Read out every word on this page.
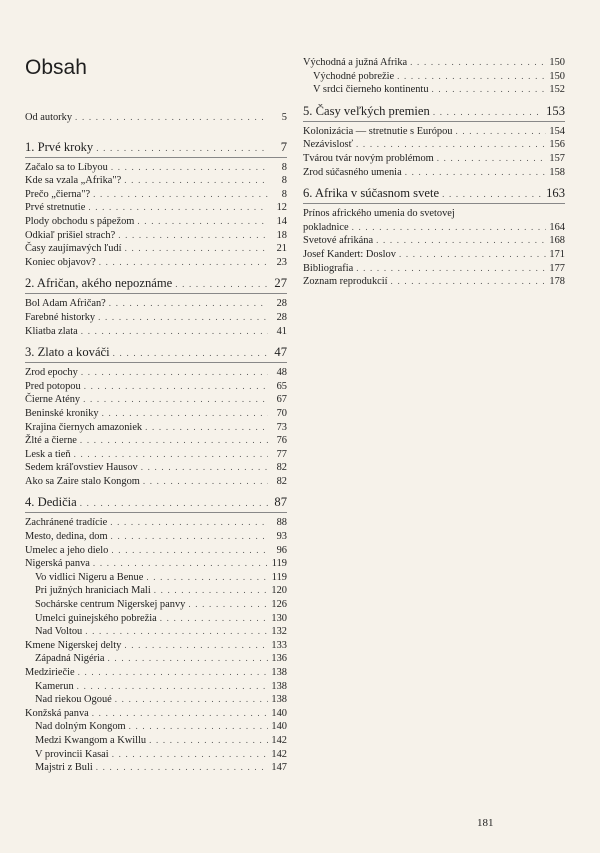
Obsah
Od autorky . . .	5
1. Prvé kroky . . .	7
Začalo sa to Líbyou . . .	8
Kde sa vzala „Afrika"? . . .	8
Prečo „čierna"? . . .	8
Prvé stretnutie . . .	12
Plody obchodu s pápežom . . .	14
Odkiaľ prišiel strach? . . .	18
Časy zaujímavých ľudí . . .	21
Koniec objavov? . . .	23
2. Afričan, akého nepoznáme . . .	27
Bol Adam Afričan? . . .	28
Farebné historky . . .	28
Kliatba zlata . . .	41
3. Zlato a kováči . . .	47
Zrod epochy . . .	48
Pred potopou . . .	65
Čierne Atény . . .	67
Beninské kroniky . . .	70
Krajina čiernych amazoniek . . .	73
Žlté a čierne . . .	76
Lesk a tieň . . .	77
Sedem kráľovstiev Hausov . . .	82
Ako sa Zaire stalo Kongom . . .	82
4. Dedičia . . .	87
Zachránené tradície . . .	88
Mesto, dedina, dom . . .	93
Umelec a jeho dielo . . .	96
Nigerská panva . . .	119
Vo vidlici Nigeru a Benue . . .	119
Pri južných hraniciach Mali . . .	120
Sochárske centrum Nigerskej panvy . . .	126
Umelci guinejského pobrežia . . .	130
Nad Voltou . . .	132
Kmene Nigerskej delty . . .	133
Západná Nigéria . . .	136
Medziriečie . . .	138
Kamerun . . .	138
Nad riekou Ogoué . . .	138
Konžská panva . . .	140
Nad dolným Kongom . . .	140
Medzi Kwangom a Kwillu . . .	142
V provincii Kasai . . .	142
Majstri z Buli . . .	147
Východná a južná Afrika . . .	150
Východné pobrežie . . .	150
V srdci čierneho kontinentu . . .	152
5. Časy veľkých premien . . .	153
Kolonizácia — stretnutie s Európou . . .	154
Nezávislosť . . .	156
Tvárou tvár novým problémom . . .	157
Zrod súčasného umenia . . .	158
6. Afrika v súčasnom svete . . .	163
Prínos afrického umenia do svetovej
pokladnice . . .	164
Svetové afrikána . . .	168
Josef Kandert: Doslov . . .	171
Bibliografia . . .	177
Zoznam reprodukcií . . .	178
181
